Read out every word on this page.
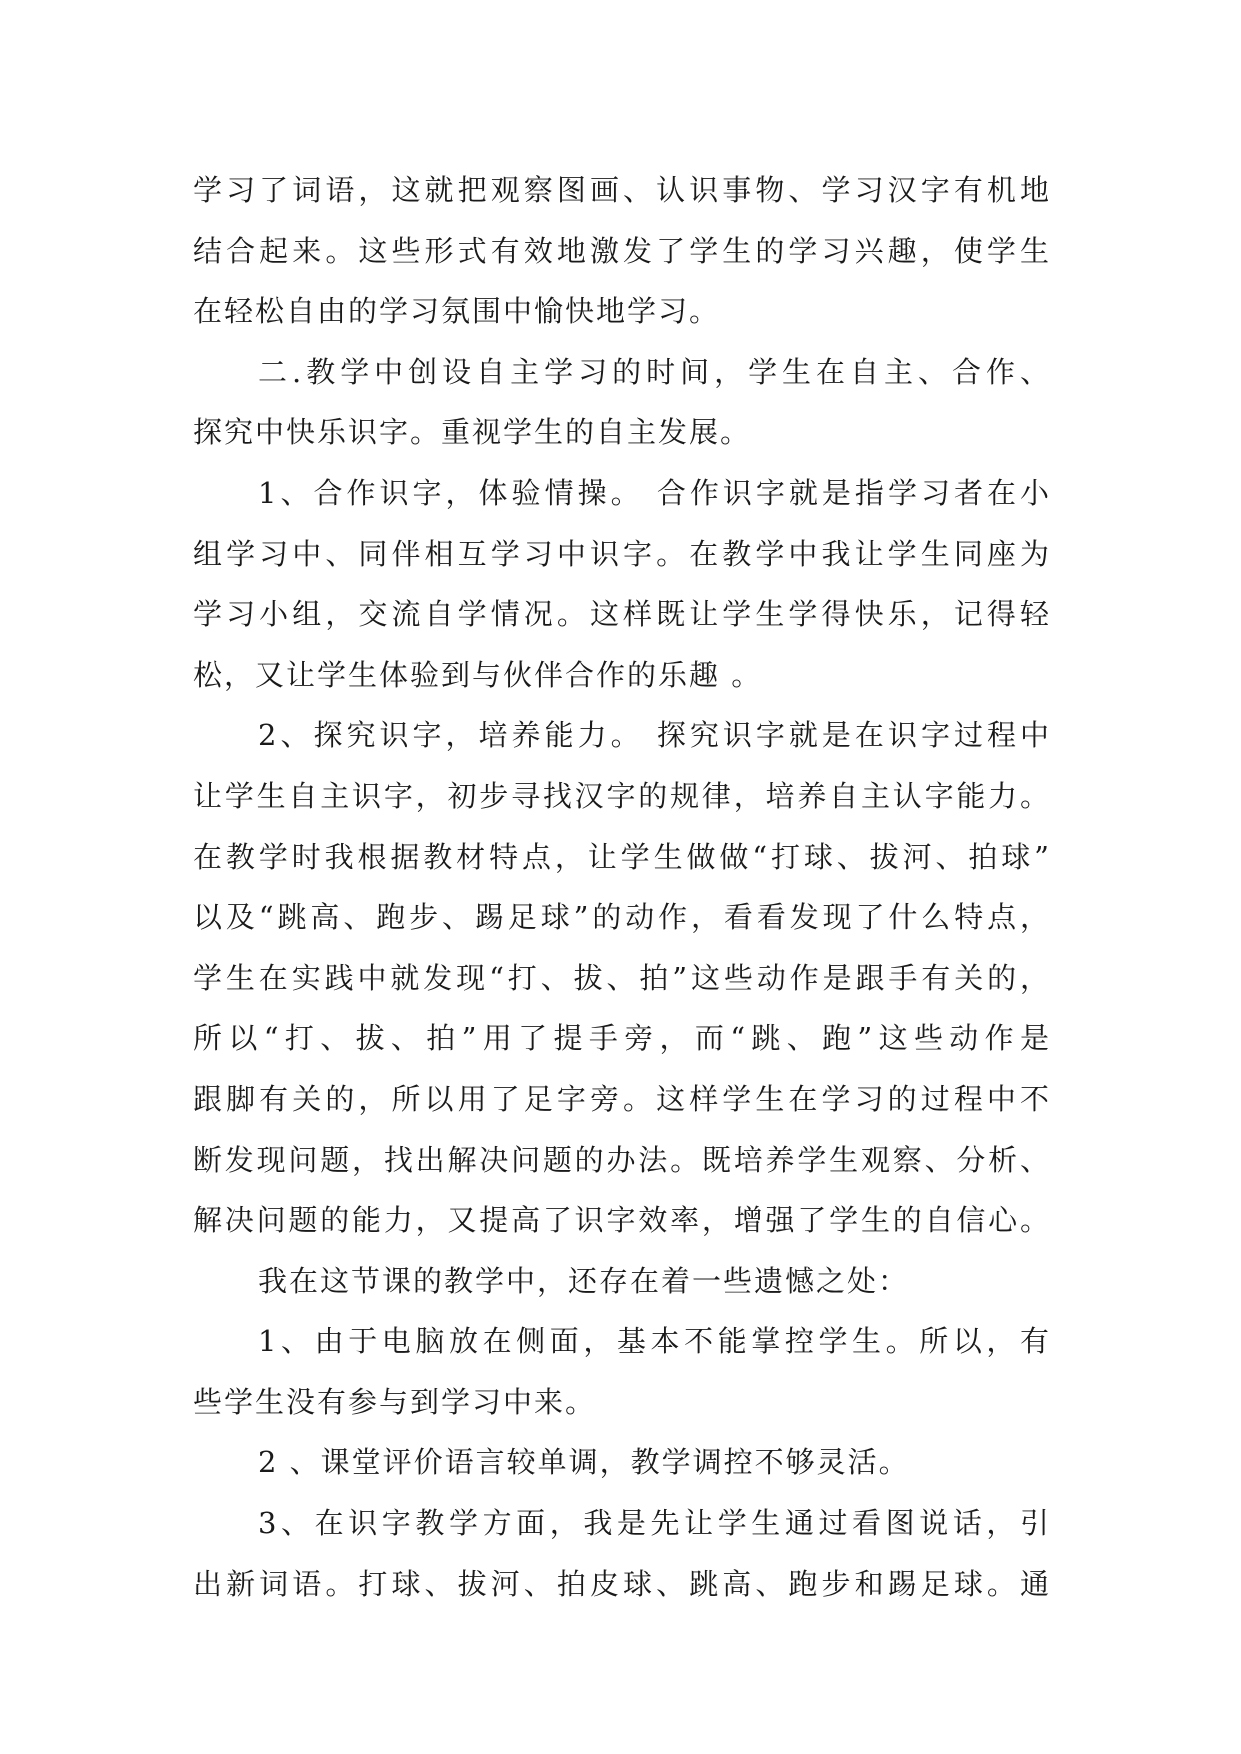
学习了词语，这就把观察图画、认识事物、学习汉字有机地
结合起来。这些形式有效地激发了学生的学习兴趣，使学生
在轻松自由的学习氛围中愉快地学习。
二.教学中创设自主学习的时间，学生在自主、合作、
探究中快乐识字。重视学生的自主发展。
1、合作识字，体验情操。 合作识字就是指学习者在小
组学习中、同伴相互学习中识字。在教学中我让学生同座为
学习小组，交流自学情况。这样既让学生学得快乐，记得轻
松，又让学生体验到与伙伴合作的乐趣 。
2、探究识字，培养能力。 探究识字就是在识字过程中
让学生自主识字，初步寻找汉字的规律，培养自主认字能力。
在教学时我根据教材特点，让学生做做“打球、拔河、拍球”
以及“跳高、跑步、踢足球”的动作，看看发现了什么特点，
学生在实践中就发现“打、拔、拍”这些动作是跟手有关的，
所以“打、拔、拍”用了提手旁，而“跳、跑”这些动作是
跟脚有关的，所以用了足字旁。这样学生在学习的过程中不
断发现问题，找出解决问题的办法。既培养学生观察、分析、
解决问题的能力，又提高了识字效率，增强了学生的自信心。
我在这节课的教学中，还存在着一些遗憾之处：
1、由于电脑放在侧面，基本不能掌控学生。所以，有
些学生没有参与到学习中来。
2 、课堂评价语言较单调，教学调控不够灵活。
3、在识字教学方面，我是先让学生通过看图说话，引
出新词语。打球、拔河、拍皮球、跳高、跑步和踢足球。通
